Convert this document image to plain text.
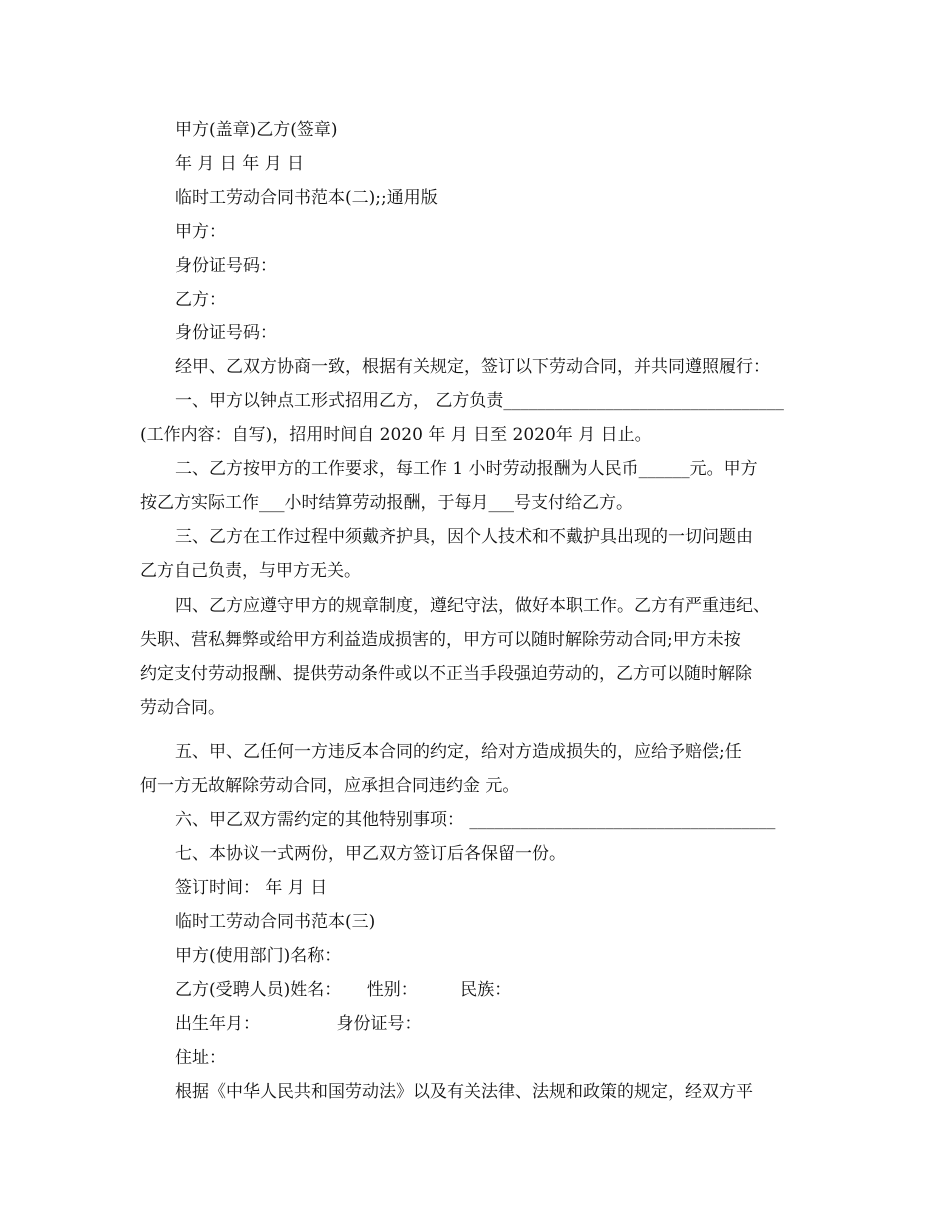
甲方(盖章)乙方(签章)
年 月 日 年 月 日
临时工劳动合同书范本(二);;通用版
甲方：
身份证号码：
乙方：
身份证号码：
经甲、乙双方协商一致，根据有关规定，签订以下劳动合同，并共同遵照履行：
一、甲方以钟点工形式招用乙方， 乙方负责_________________________________
(工作内容：自写)，招用时间自 2020 年 月 日至 2020年 月 日止。
二、乙方按甲方的工作要求，每工作 1 小时劳动报酬为人民币______元。甲方
按乙方实际工作___小时结算劳动报酬，于每月___号支付给乙方。
三、乙方在工作过程中须戴齐护具，因个人技术和不戴护具出现的一切问题由
乙方自己负责，与甲方无关。
四、乙方应遵守甲方的规章制度，遵纪守法，做好本职工作。乙方有严重违纪、
失职、营私舞弊或给甲方利益造成损害的，甲方可以随时解除劳动合同;甲方未按
约定支付劳动报酬、提供劳动条件或以不正当手段强迫劳动的，乙方可以随时解除
劳动合同。
五、甲、乙任何一方违反本合同的约定，给对方造成损失的，应给予赔偿;任
何一方无故解除劳动合同，应承担合同违约金 元。
六、甲乙双方需约定的其他特别事项： ____________________________________
七、本协议一式两份，甲乙双方签订后各保留一份。
签订时间： 年 月 日
临时工劳动合同书范本(三)
甲方(使用部门)名称：
乙方(受聘人员)姓名：　　性别：　　　民族：
出生年月：　　　　　身份证号：
住址：
根据《中华人民共和国劳动法》以及有关法律、法规和政策的规定，经双方平
